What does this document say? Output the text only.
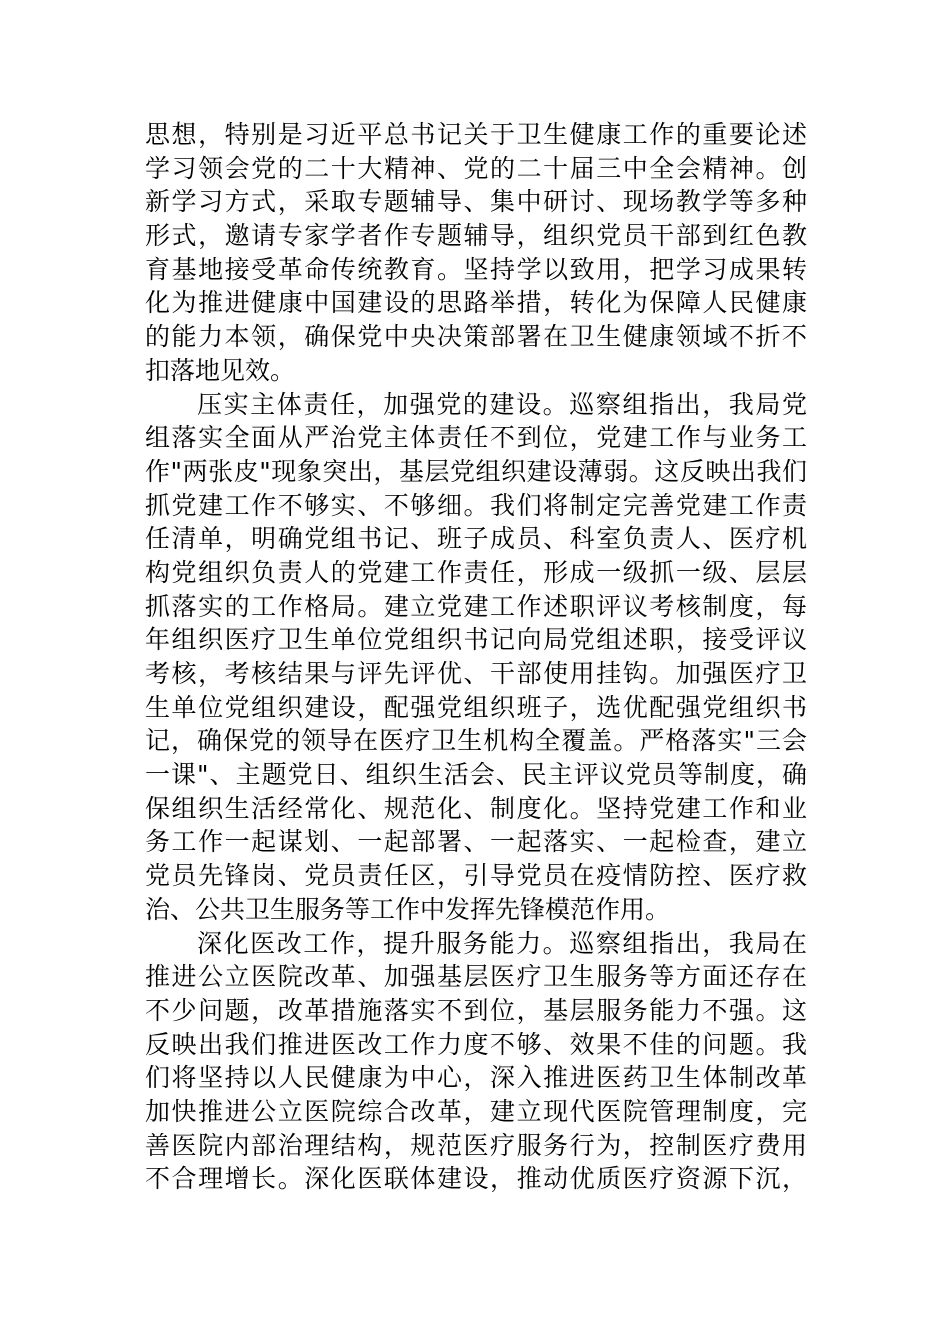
思想，特别是习近平总书记关于卫生健康工作的重要论述
学习领会党的二十大精神、党的二十届三中全会精神。创
新学习方式，采取专题辅导、集中研讨、现场教学等多种
形式，邀请专家学者作专题辅导，组织党员干部到红色教
育基地接受革命传统教育。坚持学以致用，把学习成果转
化为推进健康中国建设的思路举措，转化为保障人民健康
的能力本领，确保党中央决策部署在卫生健康领域不折不
扣落地见效。
压实主体责任，加强党的建设。巡察组指出，我局党
组落实全面从严治党主体责任不到位，党建工作与业务工
作"两张皮"现象突出，基层党组织建设薄弱。这反映出我们
抓党建工作不够实、不够细。我们将制定完善党建工作责
任清单，明确党组书记、班子成员、科室负责人、医疗机
构党组织负责人的党建工作责任，形成一级抓一级、层层
抓落实的工作格局。建立党建工作述职评议考核制度，每
年组织医疗卫生单位党组织书记向局党组述职，接受评议
考核，考核结果与评先评优、干部使用挂钩。加强医疗卫
生单位党组织建设，配强党组织班子，选优配强党组织书
记，确保党的领导在医疗卫生机构全覆盖。严格落实"三会
一课"、主题党日、组织生活会、民主评议党员等制度，确
保组织生活经常化、规范化、制度化。坚持党建工作和业
务工作一起谋划、一起部署、一起落实、一起检查，建立
党员先锋岗、党员责任区，引导党员在疫情防控、医疗救
治、公共卫生服务等工作中发挥先锋模范作用。
深化医改工作，提升服务能力。巡察组指出，我局在
推进公立医院改革、加强基层医疗卫生服务等方面还存在
不少问题，改革措施落实不到位，基层服务能力不强。这
反映出我们推进医改工作力度不够、效果不佳的问题。我
们将坚持以人民健康为中心，深入推进医药卫生体制改革
加快推进公立医院综合改革，建立现代医院管理制度，完
善医院内部治理结构，规范医疗服务行为，控制医疗费用
不合理增长。深化医联体建设，推动优质医疗资源下沉，
